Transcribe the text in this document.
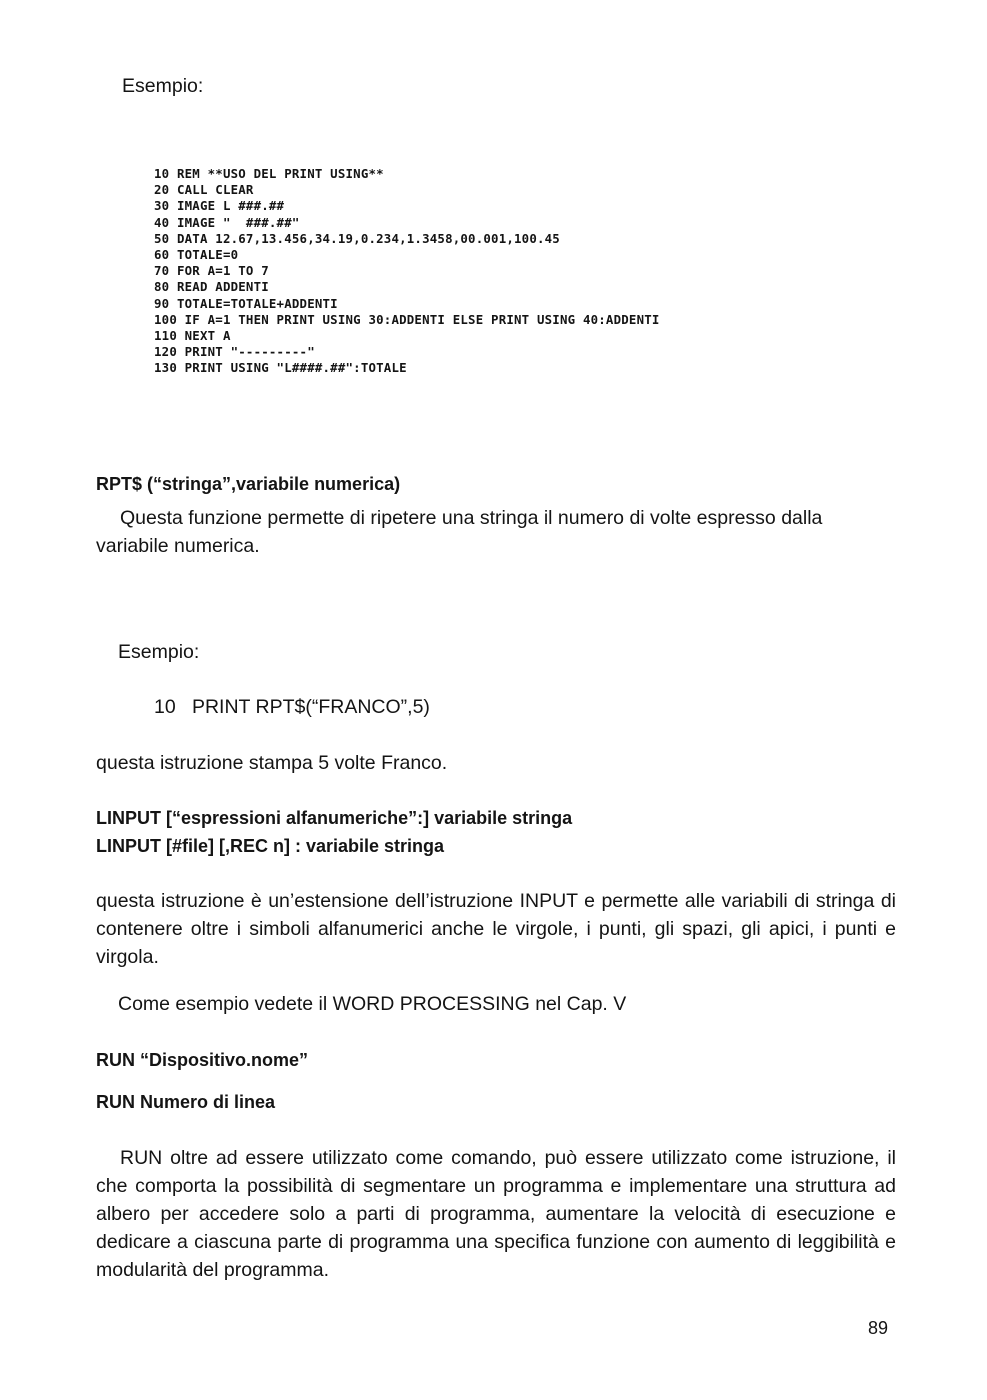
Esempio:

10 REM **USO DEL PRINT USING**
20 CALL CLEAR
30 IMAGE L ###.##
40 IMAGE "  ###.##"
50 DATA 12.67,13.456,34.19,0.234,1.3458,00.001,100.45
60 TOTALE=0
70 FOR A=1 TO 7
80 READ ADDENTI
90 TOTALE=TOTALE+ADDENTI
100 IF A=1 THEN PRINT USING 30:ADDENTI ELSE PRINT USING 40:ADDENTI
110 NEXT A
120 PRINT "---------"
130 PRINT USING "L####.##":TOTALE

RPT$ (“stringa”,variabile numerica)

Questa funzione permette di ripetere una stringa il numero di volte espresso dalla variabile numerica.

Esempio:

10   PRINT RPT$(“FRANCO”,5)

questa istruzione stampa 5 volte Franco.

LINPUT [“espressioni alfanumeriche”:] variabile stringa

LINPUT [#file] [,REC n] : variabile stringa

questa istruzione è un’estensione dell’istruzione INPUT e permette alle variabili di stringa di contenere oltre i simboli alfanumerici anche le virgole, i punti, gli spazi, gli apici, i punti e virgola.

Come esempio vedete il WORD PROCESSING nel Cap. V

RUN “Dispositivo.nome”

RUN Numero di linea

RUN oltre ad essere utilizzato come comando, può essere utilizzato come istruzione, il che comporta la possibilità di segmentare un programma e implementare una struttura ad albero per accedere solo a parti di programma, aumentare la velocità di esecuzione e dedicare a ciascuna parte di programma una specifica funzione con aumento di leggibilità e modularità del programma.

89
